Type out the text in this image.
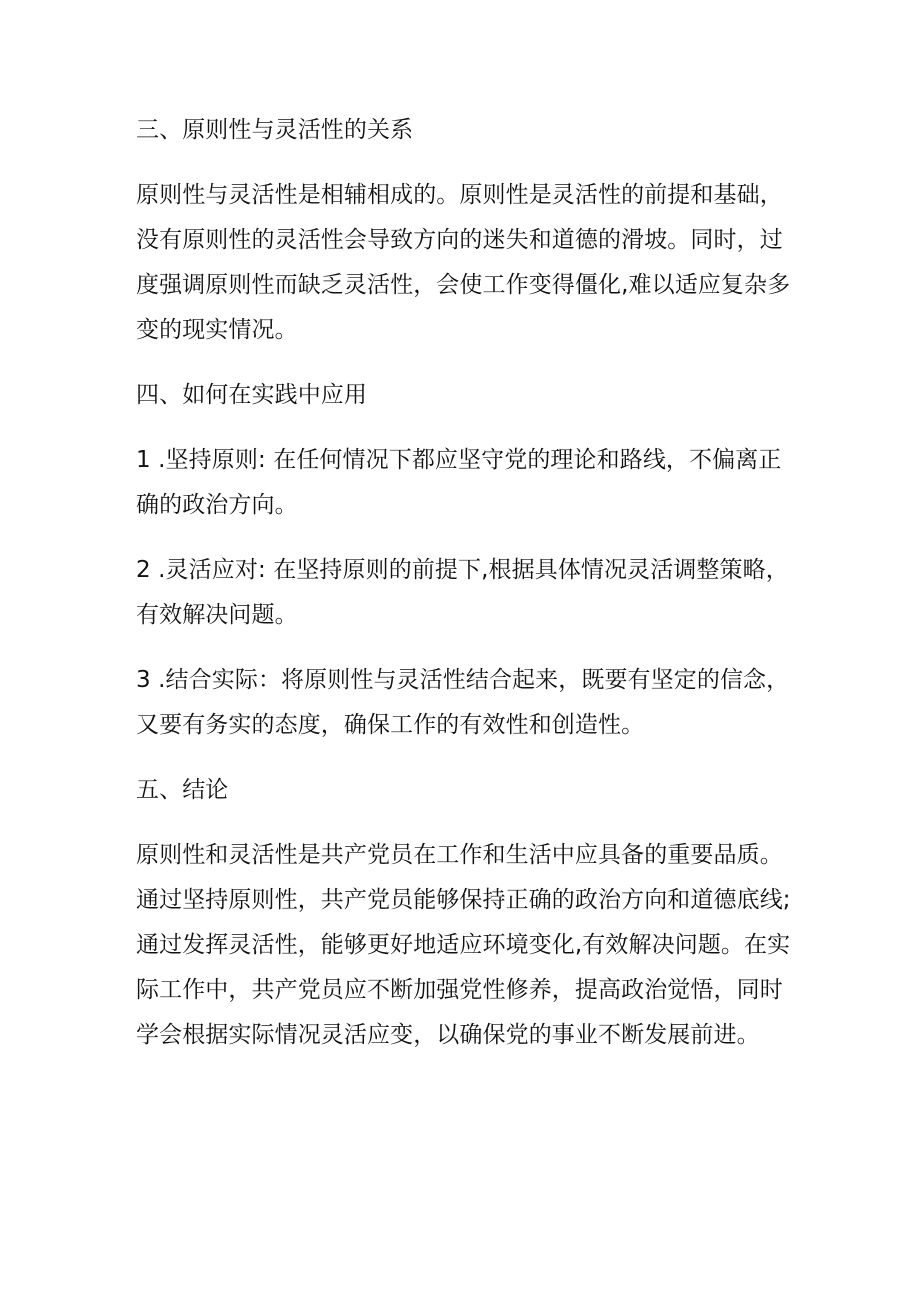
三、原则性与灵活性的关系
原则性与灵活性是相辅相成的。原则性是灵活性的前提和基础，
没有原则性的灵活性会导致方向的迷失和道德的滑坡。同时，过
度强调原则性而缺乏灵活性，会使工作变得僵化,难以适应复杂多
变的现实情况。
四、如何在实践中应用
1 .坚持原则: 在任何情况下都应坚守党的理论和路线，不偏离正
确的政治方向。
2 .灵活应对: 在坚持原则的前提下,根据具体情况灵活调整策略，
有效解决问题。
3 .结合实际：将原则性与灵活性结合起来，既要有坚定的信念，
又要有务实的态度，确保工作的有效性和创造性。
五、结论
原则性和灵活性是共产党员在工作和生活中应具备的重要品质。
通过坚持原则性，共产党员能够保持正确的政治方向和道德底线;
通过发挥灵活性，能够更好地适应环境变化,有效解决问题。在实
际工作中，共产党员应不断加强党性修养，提高政治觉悟，同时
学会根据实际情况灵活应变，以确保党的事业不断发展前进。
